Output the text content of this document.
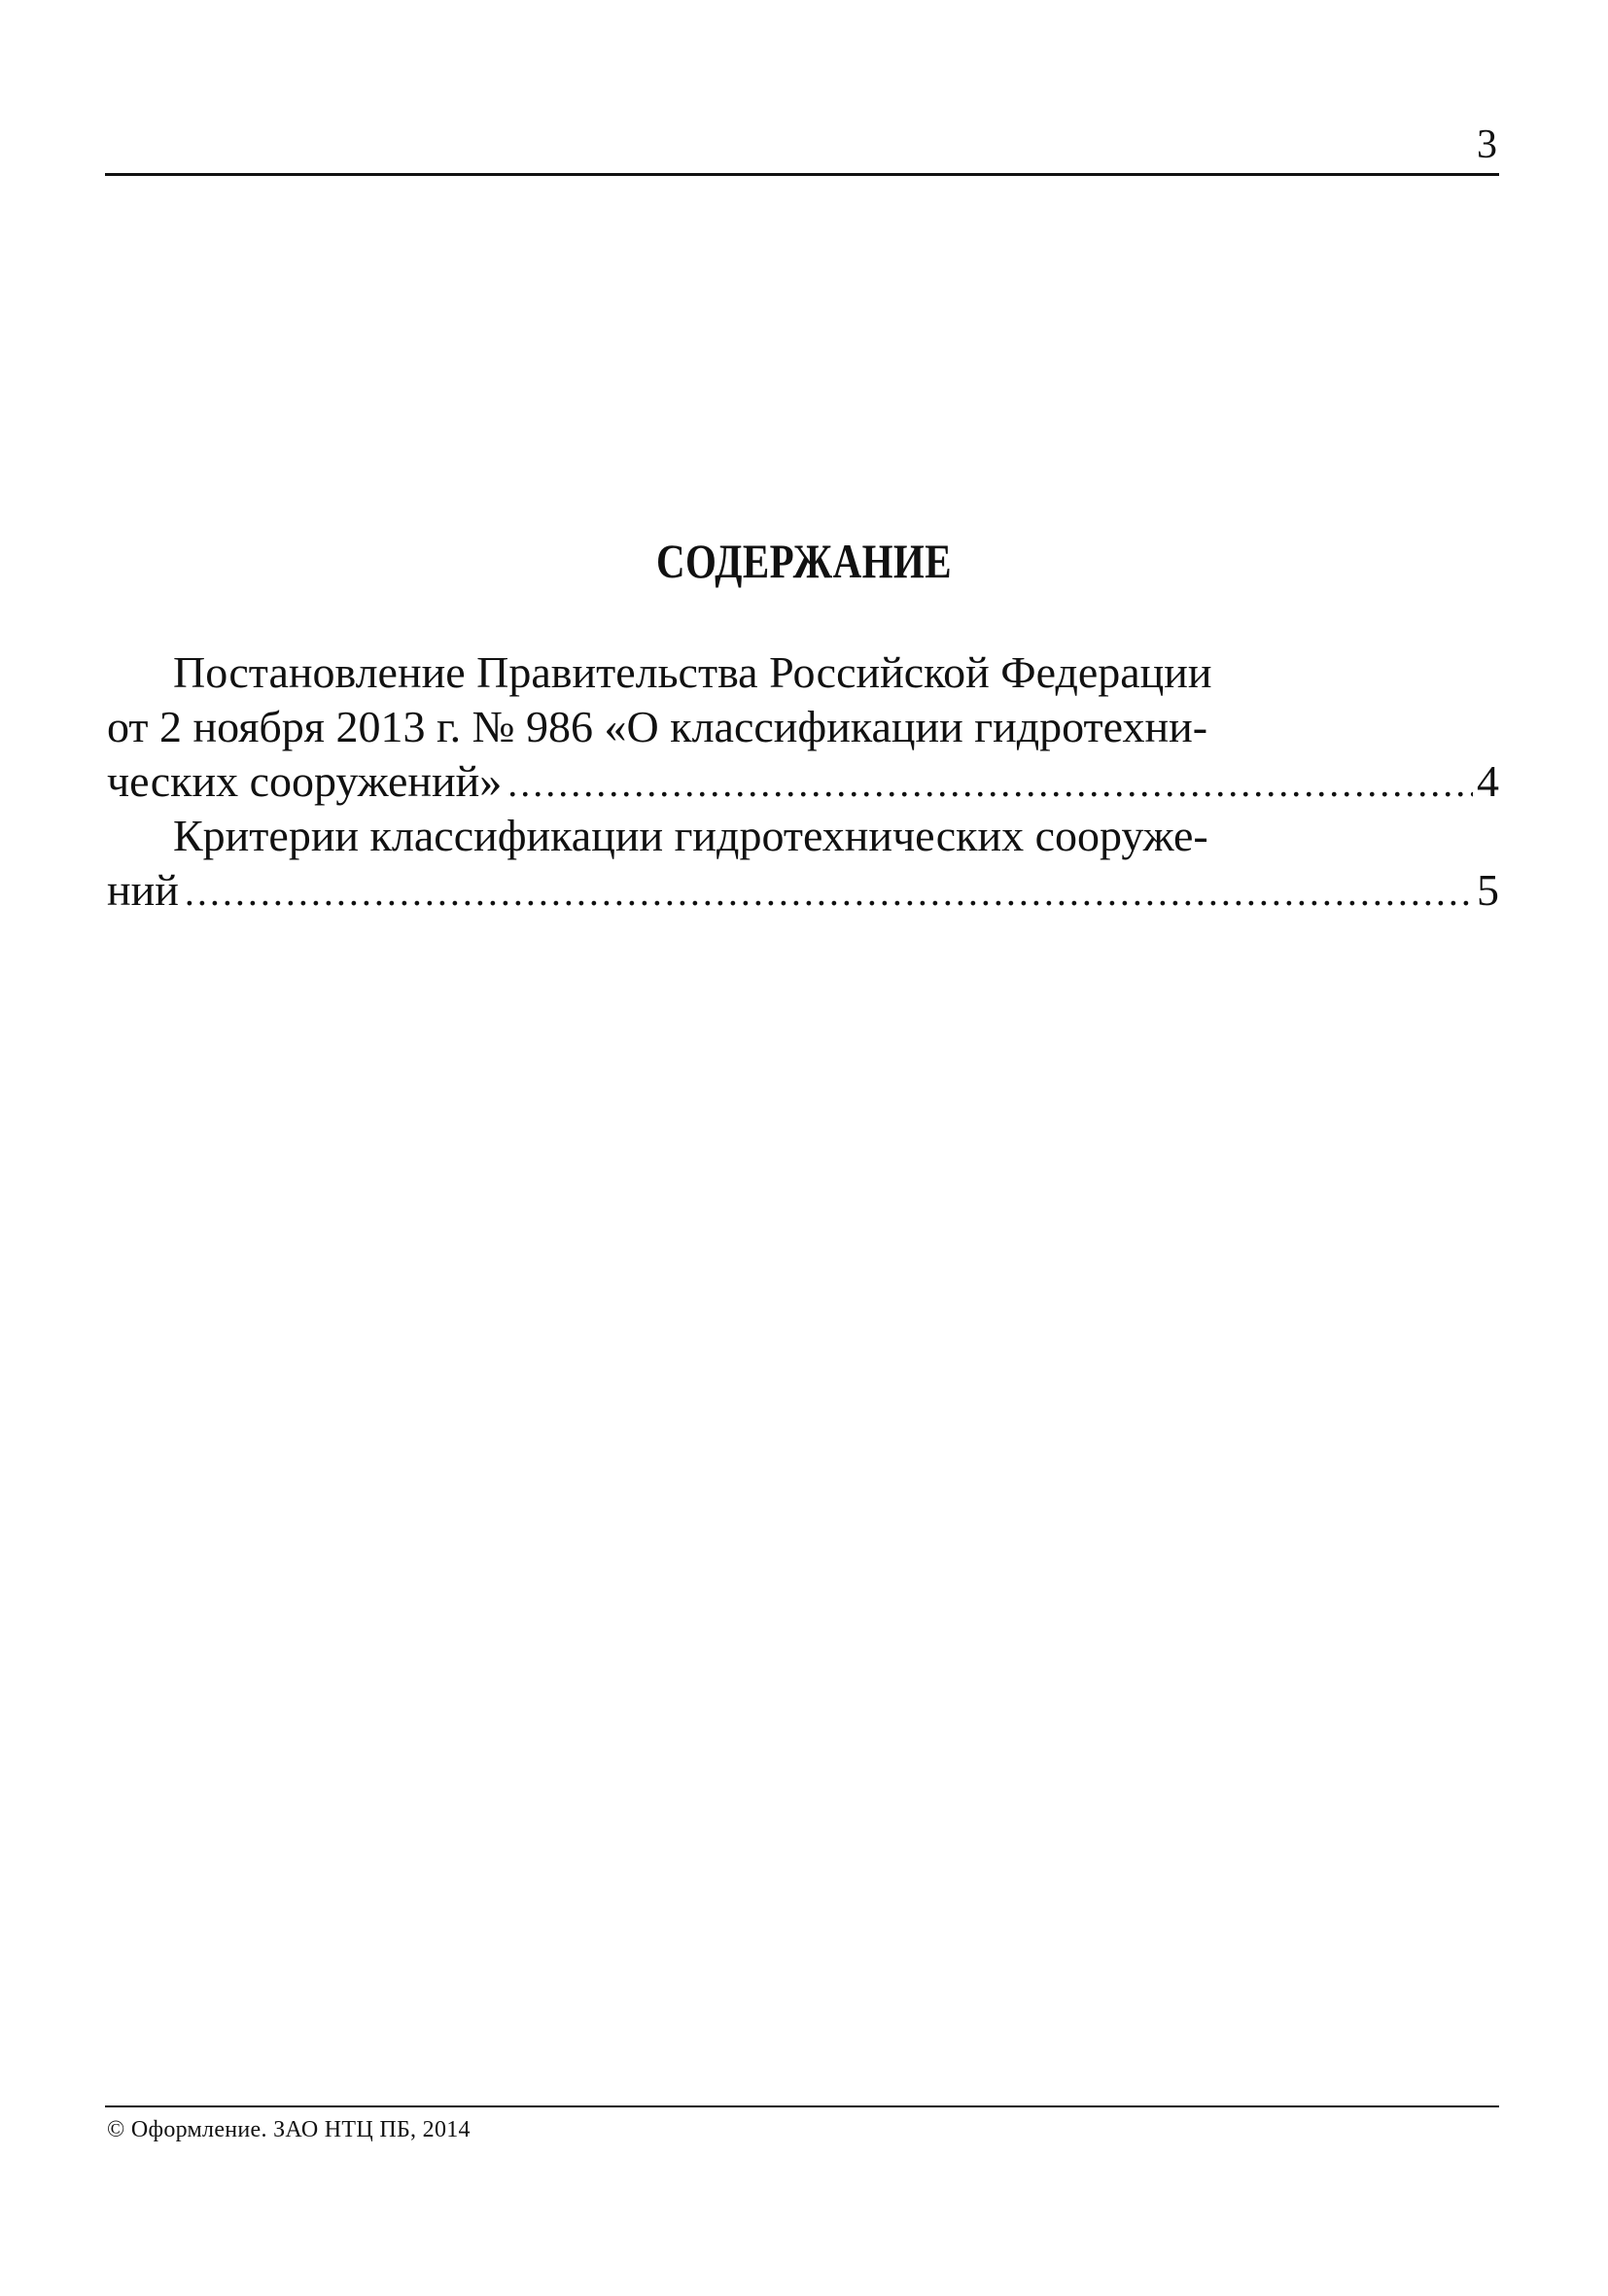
3
СОДЕРЖАНИЕ
Постановление Правительства Российской Федерации
от 2 ноября 2013 г. № 986 «О классификации гидротехни-
ческих сооружений» .....	4
Критерии классификации гидротехнических сооруже-
ний .....	5
© Оформление. ЗАО НТЦ ПБ, 2014
